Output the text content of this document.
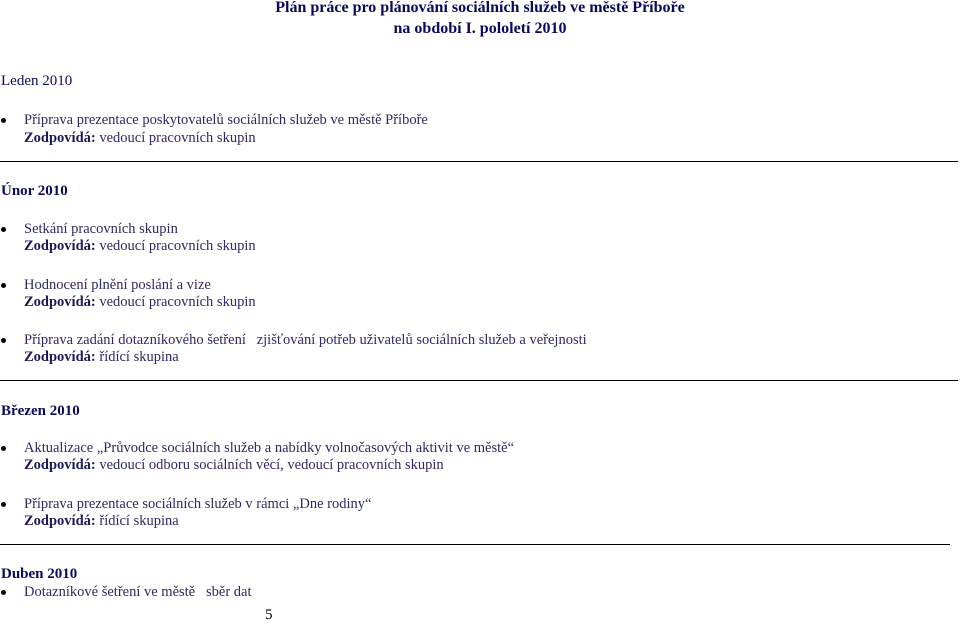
Plán práce pro plánování sociálních služeb ve městě Příboře
na období I. pololetí 2010
Leden 2010
Příprava prezentace poskytovatelů sociálních služeb ve městě Příboře
Zodpovídá: vedoucí pracovních skupin
Únor 2010
Setkání pracovních skupin
Zodpovídá: vedoucí pracovních skupin
Hodnocení plnění poslání a vize
Zodpovídá: vedoucí pracovních skupin
Příprava zadání dotazníkového šetření   zjišťování potřeb uživatelů sociálních služeb a veřejnosti
Zodpovídá: řídící skupina
Březen 2010
Aktualizace „Průvodce sociálních služeb a nabídky volnočasových aktivit ve městě“
Zodpovídá: vedoucí odboru sociálních věcí, vedoucí pracovních skupin
Příprava prezentace sociálních služeb v rámci „Dne rodiny“
Zodpovídá: řídící skupina
Duben 2010
Dotazníkové šetření ve městě   sběr dat
5
